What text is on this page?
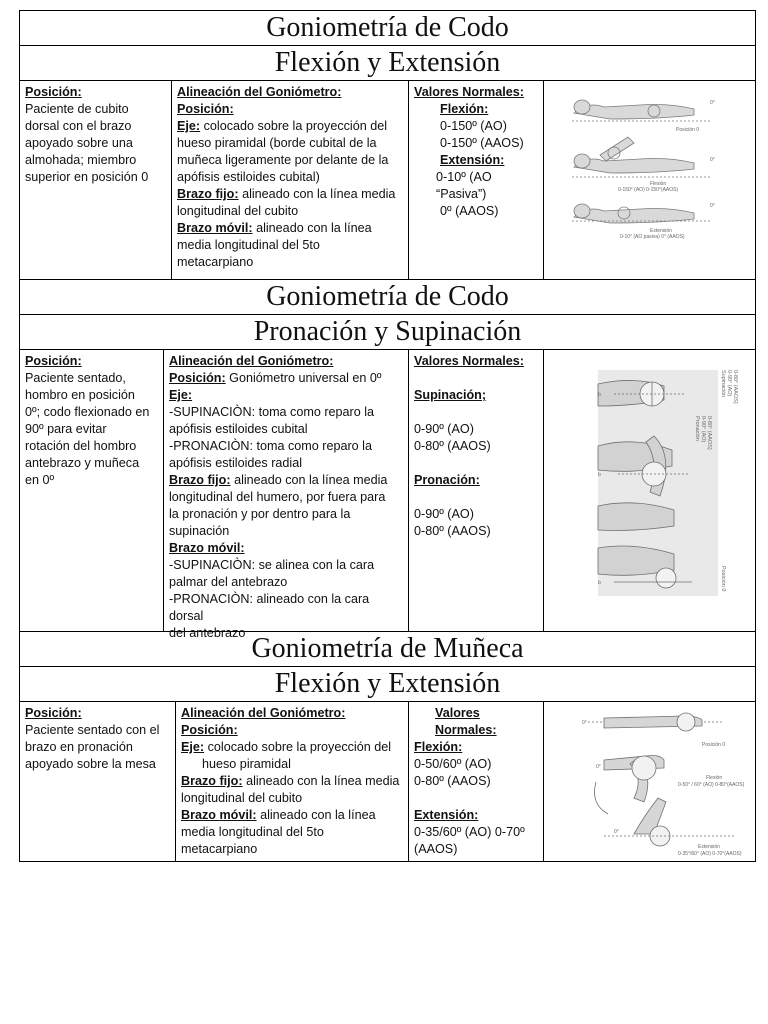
Goniometría de Codo
Flexión y Extensión
Posición:
Paciente de cubito
dorsal con el brazo
apoyado sobre una
almohada; miembro
superior en posición 0
Alineación del Goniómetro:
Posición:
Eje: colocado sobre la proyección del
hueso piramidal (borde cubital de la
muñeca ligeramente por delante de la
apófisis estiloides cubital)
Brazo fijo: alineado con la línea media
longitudinal del cubito
Brazo móvil: alineado con la línea
media longitudinal del 5to
metacarpiano
Valores Normales:
Flexión:
0-150º (AO)
0-150º (AAOS)
Extensión:
0-10º (AO
“Pasiva”)
0º (AAOS)
0°
Posición 0
0°
Flexión
0-150° (AO) 0-150°(AAOS)
0°
Extensión
0-10° (AO pasiva) 0° (AAOS)
Goniometría de Codo
Pronación y Supinación
Posición:
Paciente sentado,
hombro en posición
0º; codo flexionado en
90º para evitar
rotación del hombro
antebrazo y muñeca
en 0º
Alineación del Goniómetro:
Posición: Goniómetro universal en 0º
Eje:
-SUPINACIÒN: toma como reparo la
apófisis estiloides cubital
-PRONACIÒN: toma como reparo la
apófisis estiloides radial
Brazo fijo: alineado con la línea media
longitudinal del humero, por fuera para
la pronación y por dentro para la
supinación
Brazo móvil:
-SUPINACIÒN: se alinea con la cara
palmar del antebrazo
-PRONACIÒN: alineado con la cara dorsal
del antebrazo
Valores Normales:
Supinación;
0-90º (AO)
0-80º (AAOS)
Pronación:
0-90º (AO)
0-80º (AAOS)
b
b
b
Supinación 0-90° (AO) 0-80° (AAOS)
Pronación 0-90° (AO) 0-80° (AAOS)
Posición 0
Goniometría de Muñeca
Flexión y Extensión
Posición:
Paciente sentado con el
brazo en pronación
apoyado sobre la mesa
Alineación del Goniómetro:
Posición:
Eje: colocado sobre la proyección del
hueso piramidal
Brazo fijo: alineado con la línea media
longitudinal del cubito
Brazo móvil: alineado con la línea
media longitudinal del 5to
metacarpiano
Valores
Normales:
Flexión:
0-50/60º (AO)
0-80º (AAOS)
Extensión:
0-35/60º (AO) 0-70º
(AAOS)
0°
Posición 0
0°
Flexión
0-50° / 60° (AO) 0-80°(AAOS)
0°
Extensión
0-35°/60° (AO) 0-70°(AAOS)
